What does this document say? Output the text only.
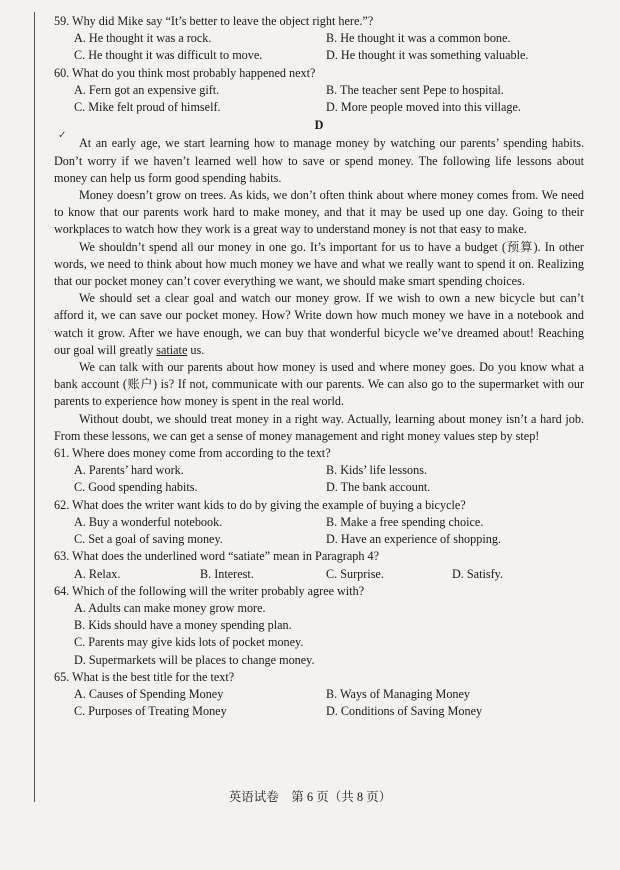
✓

59. Why did Mike say “It’s better to leave the object right here.”?

A. He thought it was a rock.	B. He thought it was a common bone.
C. He thought it was difficult to move.	D. He thought it was something valuable.

60. What do you think most probably happened next?

A. Fern got an expensive gift.	B. The teacher sent Pepe to hospital.
C. Mike felt proud of himself.	D. More people moved into this village.
D

At an early age, we start learning how to manage money by watching our parents’ spending habits. Don’t worry if we haven’t learned well how to save or spend money. The following life lessons about money can help us form good spending habits.

Money doesn’t grow on trees. As kids, we don’t often think about where money comes from. We need to know that our parents work hard to make money, and that it may be used up one day. Going to their workplaces to watch how they work is a great way to understand money is not that easy to make.

We shouldn’t spend all our money in one go. It’s important for us to have a budget (预算). In other words, we need to think about how much money we have and what we really want to spend it on. Realizing that our pocket money can’t cover everything we want, we should make smart spending choices.

We should set a clear goal and watch our money grow. If we wish to own a new bicycle but can’t afford it, we can save our pocket money. How? Write down how much money we have in a notebook and watch it grow. After we have enough, we can buy that wonderful bicycle we’ve dreamed about! Reaching our goal will greatly satiate us.

We can talk with our parents about how money is used and where money goes. Do you know what a bank account (账户) is? If not, communicate with our parents. We can also go to the supermarket with our parents to experience how money is spent in the real world.

Without doubt, we should treat money in a right way. Actually, learning about money isn’t a hard job. From these lessons, we can get a sense of money management and right money values step by step!

61. Where does money come from according to the text?

A. Parents’ hard work.	B. Kids’ life lessons.
C. Good spending habits.	D. The bank account.

62. What does the writer want kids to do by giving the example of buying a bicycle?

A. Buy a wonderful notebook.	B. Make a free spending choice.
C. Set a goal of saving money.	D. Have an experience of shopping.

63. What does the underlined word “satiate” mean in Paragraph 4?

A. Relax.	B. Interest.	C. Surprise.	D. Satisfy.

64. Which of the following will the writer probably agree with?

A. Adults can make money grow more.
B. Kids should have a money spending plan.
C. Parents may give kids lots of pocket money.
D. Supermarkets will be places to change money.

65. What is the best title for the text?

A. Causes of Spending Money	B. Ways of Managing Money
C. Purposes of Treating Money	D. Conditions of Saving Money
英语试卷　第 6 页（共 8 页）
